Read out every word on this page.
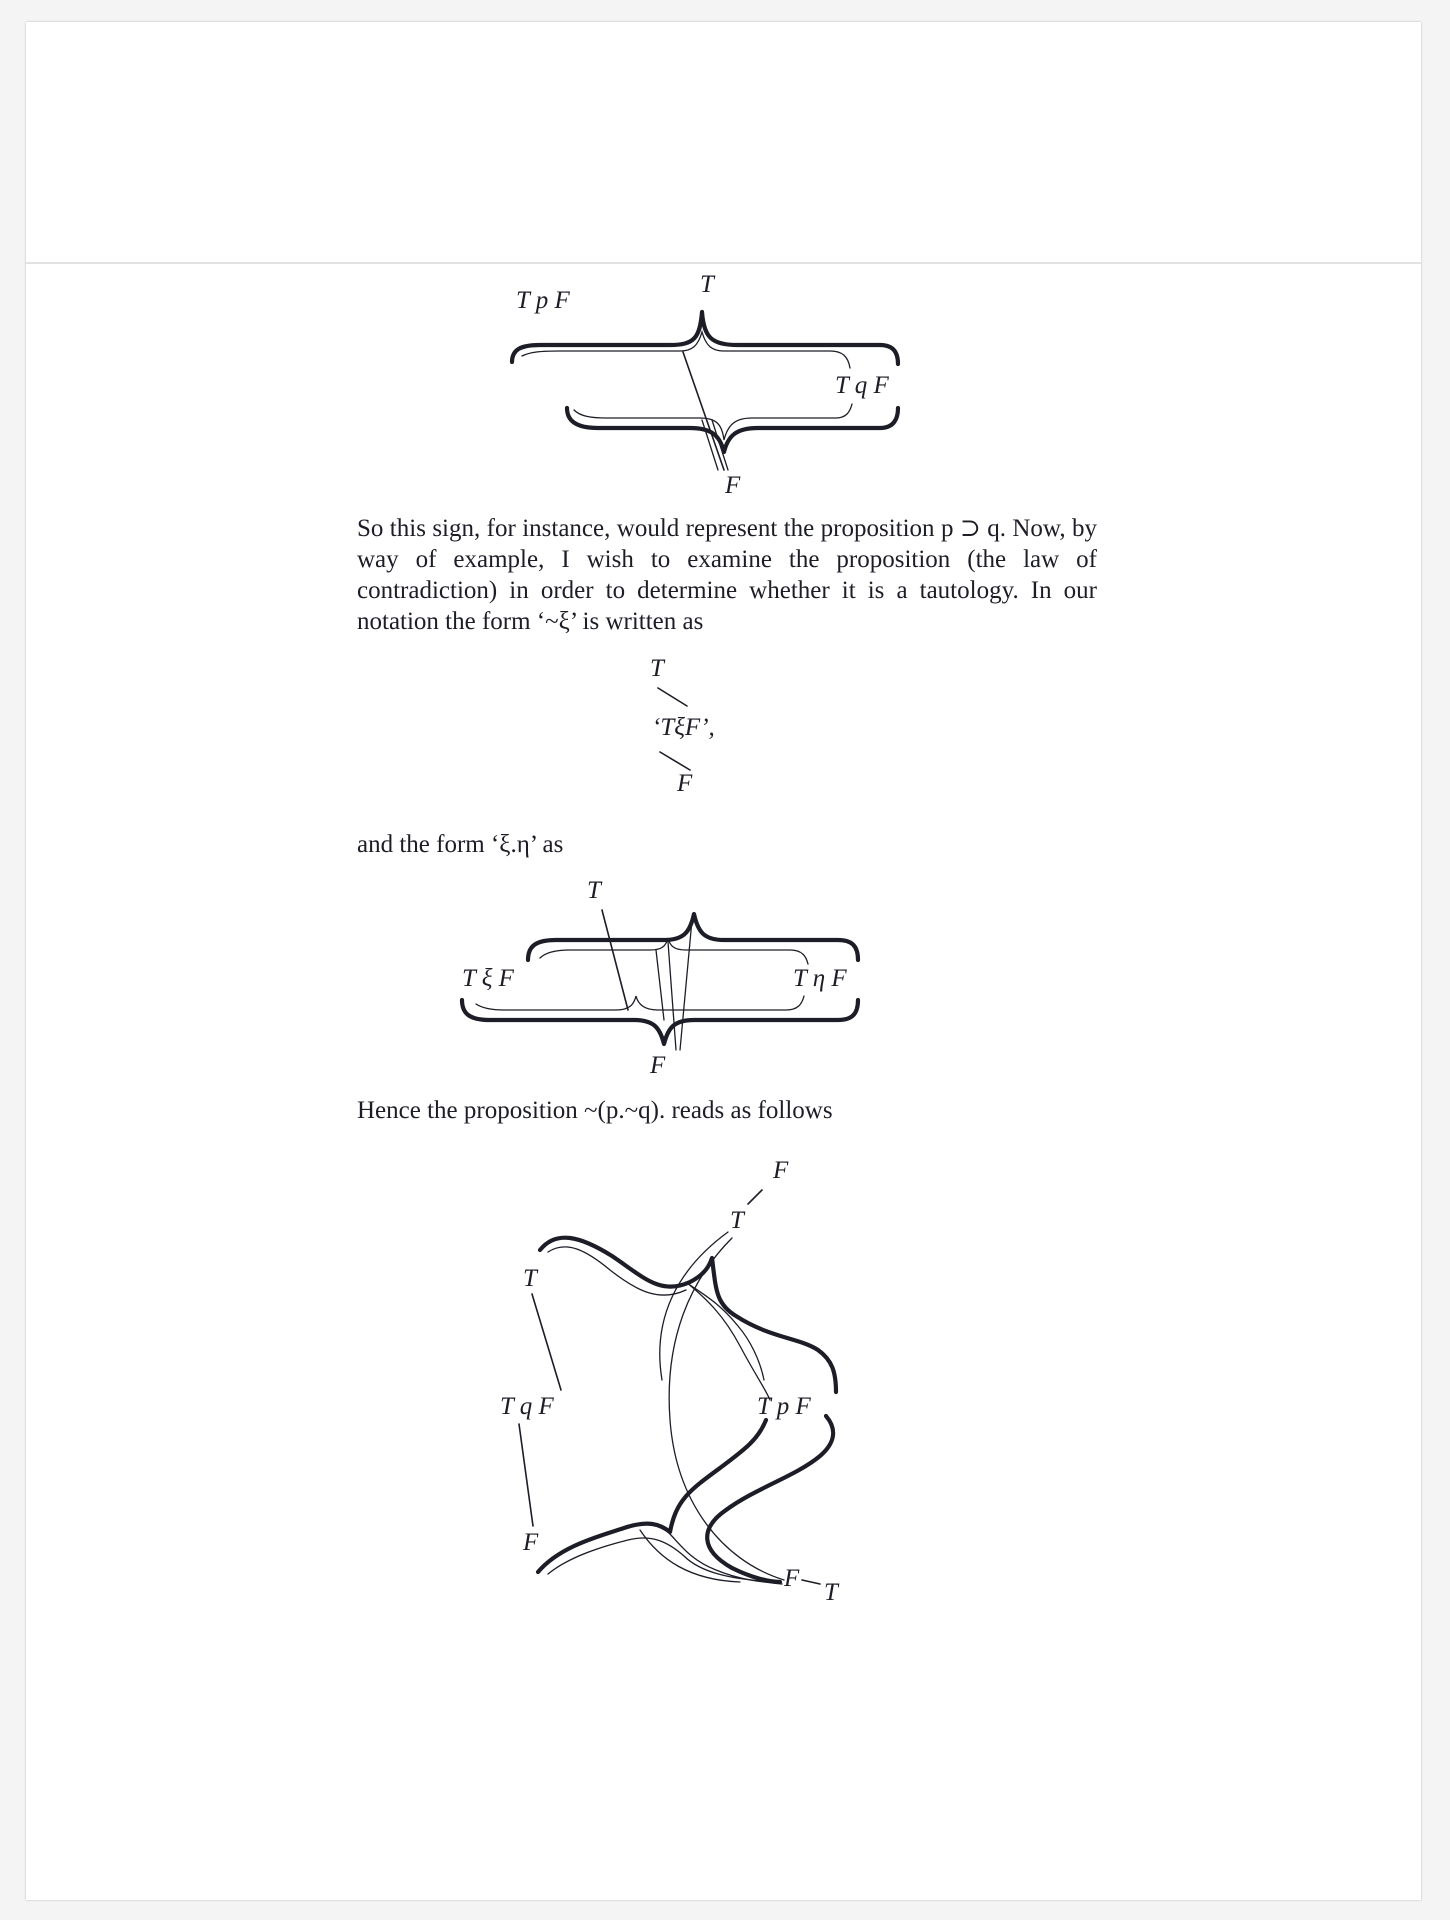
T p F
T
T q F
F
T
‘TξF’,
F
T
T ξ F	T η F
F
F
T
T
T q F
F
T p F
F
T
So this sign, for instance, would represent the proposition p ⊃ q. Now, by way of example, I wish to examine the proposition (the law of contradiction) in order to determine whether it is a tautology. In our notation the form ‘~ξ’ is written as
and the form ‘ξ.η’ as
Hence the proposition ~(p.~q). reads as follows
